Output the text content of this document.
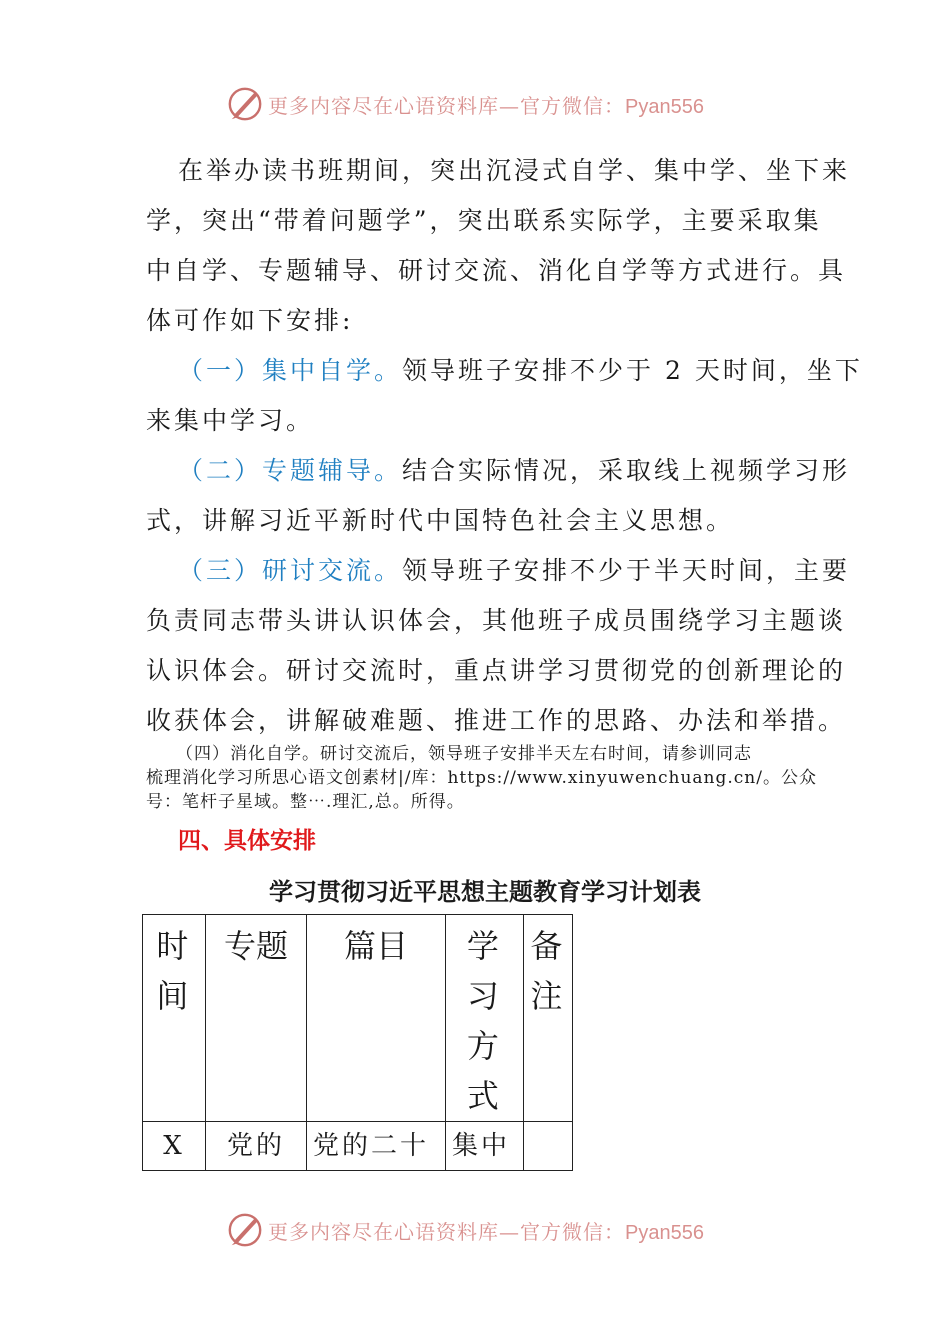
更多内容尽在心语资料库—官方微信：Pyan556
在举办读书班期间，突出沉浸式自学、集中学、坐下来
学，突出“带着问题学”，突出联系实际学，主要采取集
中自学、专题辅导、研讨交流、消化自学等方式进行。具
体可作如下安排:
（一）集中自学。领导班子安排不少于 2 天时间，坐下
来集中学习。
（二）专题辅导。结合实际情况，采取线上视频学习形
式，讲解习近平新时代中国特色社会主义思想。
（三）研讨交流。领导班子安排不少于半天时间，主要
负责同志带头讲认识体会，其他班子成员围绕学习主题谈
认识体会。研讨交流时，重点讲学习贯彻党的创新理论的
收获体会，讲解破难题、推进工作的思路、办法和举措。
（四）消化自学。研讨交流后，领导班子安排半天左右时间，请参训同志
梳理消化学习所思心语文创素材|/库：https://www.xinyuwenchuang.cn/。公众
号：笔杆子星域。整⋯.理汇,总。所得。
四、具体安排
学习贯彻习近平思想主题教育学习计划表
时间	专题	篇目	学习方式	备注

X	党的	党的二十	集中	
更多内容尽在心语资料库—官方微信：Pyan556
